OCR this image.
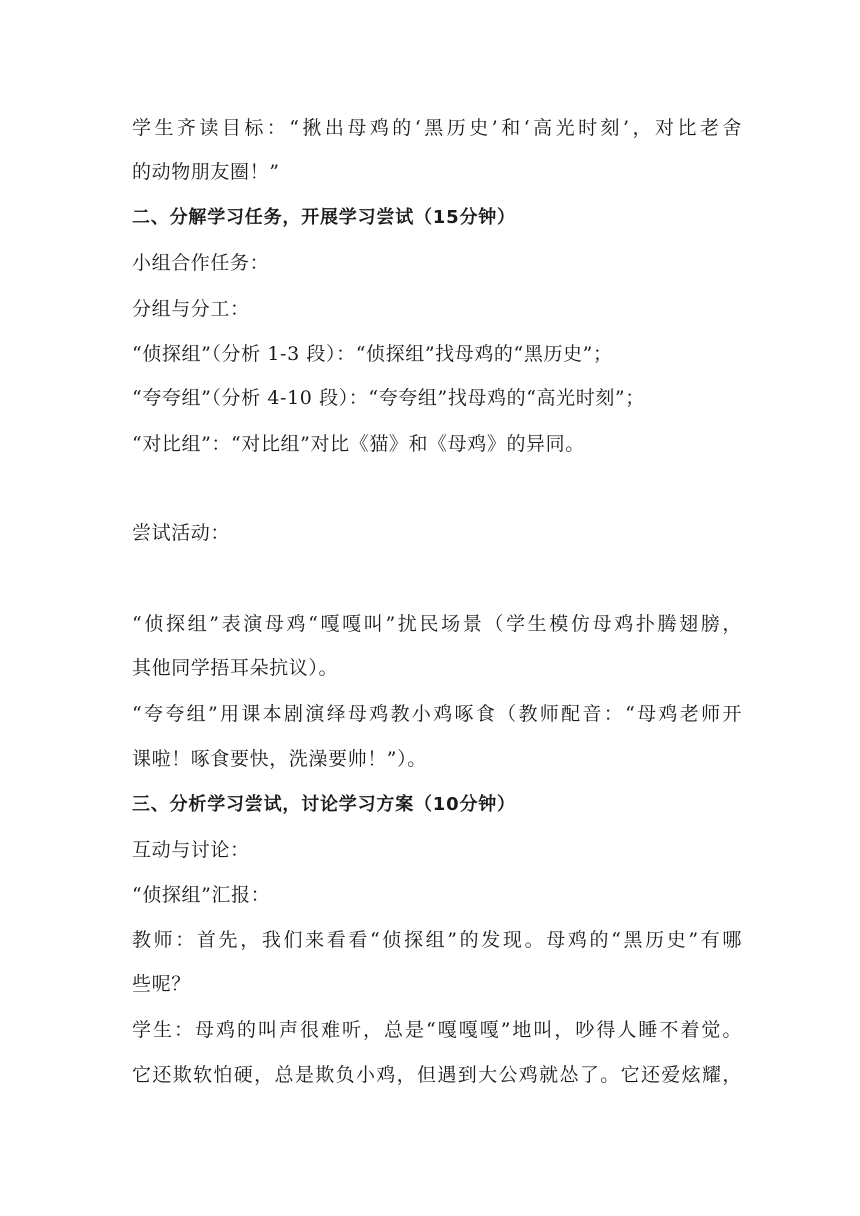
学生齐读目标：“揪出母鸡的‘黑历史’和‘高光时刻’，对比老舍
的动物朋友圈！”
二、分解学习任务，开展学习尝试（15分钟）
小组合作任务：
分组与分工：
“侦探组”（分析 1-3 段）：“侦探组”找母鸡的“黑历史”；
“夸夸组”（分析 4-10 段）：“夸夸组”找母鸡的“高光时刻”；
“对比组”：“对比组”对比《猫》和《母鸡》的异同。
尝试活动：
“侦探组”表演母鸡“嘎嘎叫”扰民场景（学生模仿母鸡扑腾翅膀，
其他同学捂耳朵抗议）。
“夸夸组”用课本剧演绎母鸡教小鸡啄食（教师配音：“母鸡老师开
课啦！啄食要快，洗澡要帅！”）。
三、分析学习尝试，讨论学习方案（10分钟）
互动与讨论：
“侦探组”汇报：
教师：首先，我们来看看“侦探组”的发现。母鸡的“黑历史”有哪
些呢？
学生：母鸡的叫声很难听，总是“嘎嘎嘎”地叫，吵得人睡不着觉。
它还欺软怕硬，总是欺负小鸡，但遇到大公鸡就怂了。它还爱炫耀，
